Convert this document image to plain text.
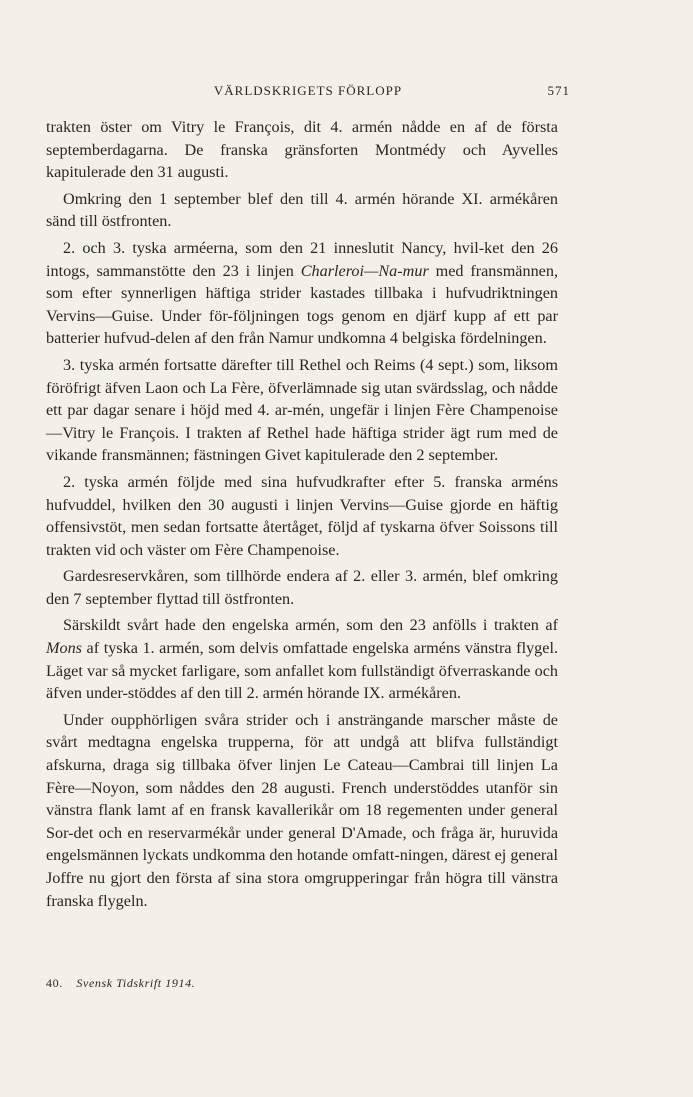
VÄRLDSKRIGETS FÖRLOPP	571

trakten öster om Vitry le François, dit 4. armén nådde en af de första septemberdagarna. De franska gränsforten Montmédy och Ayvelles kapitulerade den 31 augusti.

Omkring den 1 september blef den till 4. armén hörande XI. armékåren sänd till östfronten.

2. och 3. tyska arméerna, som den 21 inneslutit Nancy, hvil-ket den 26 intogs, sammanstötte den 23 i linjen Charleroi—Na-mur med fransmännen, som efter synnerligen häftiga strider kastades tillbaka i hufvudriktningen Vervins—Guise. Under för-följningen togs genom en djärf kupp af ett par batterier hufvud-delen af den från Namur undkomna 4 belgiska fördelningen.

3. tyska armén fortsatte därefter till Rethel och Reims (4 sept.) som, liksom föröfrigt äfven Laon och La Fère, öfverlämnade sig utan svärdsslag, och nådde ett par dagar senare i höjd med 4. ar-mén, ungefär i linjen Fère Champenoise—Vitry le François. I trakten af Rethel hade häftiga strider ägt rum med de vikande fransmännen; fästningen Givet kapitulerade den 2 september.

2. tyska armén följde med sina hufvudkrafter efter 5. franska arméns hufvuddel, hvilken den 30 augusti i linjen Vervins—Guise gjorde en häftig offensivstöt, men sedan fortsatte återtåget, följd af tyskarna öfver Soissons till trakten vid och väster om Fère Champenoise.

Gardesreservkåren, som tillhörde endera af 2. eller 3. armén, blef omkring den 7 september flyttad till östfronten.

Särskildt svårt hade den engelska armén, som den 23 anfölls i trakten af Mons af tyska 1. armén, som delvis omfattade engelska arméns vänstra flygel. Läget var så mycket farligare, som anfallet kom fullständigt öfverraskande och äfven under-stöddes af den till 2. armén hörande IX. armékåren.

Under oupphörligen svåra strider och i ansträngande marscher måste de svårt medtagna engelska trupperna, för att undgå att blifva fullständigt afskurna, draga sig tillbaka öfver linjen Le Cateau—Cambrai till linjen La Fère—Noyon, som nåddes den 28 augusti. French understöddes utanför sin vänstra flank lamt af en fransk kavallerikår om 18 regementen under general Sor-det och en reservarmékår under general D'Amade, och fråga är, huruvida engelsmännen lyckats undkomma den hotande omfatt-ningen, därest ej general Joffre nu gjort den första af sina stora omgrupperingar från högra till vänstra franska flygeln.

40. Svensk Tidskrift 1914.
